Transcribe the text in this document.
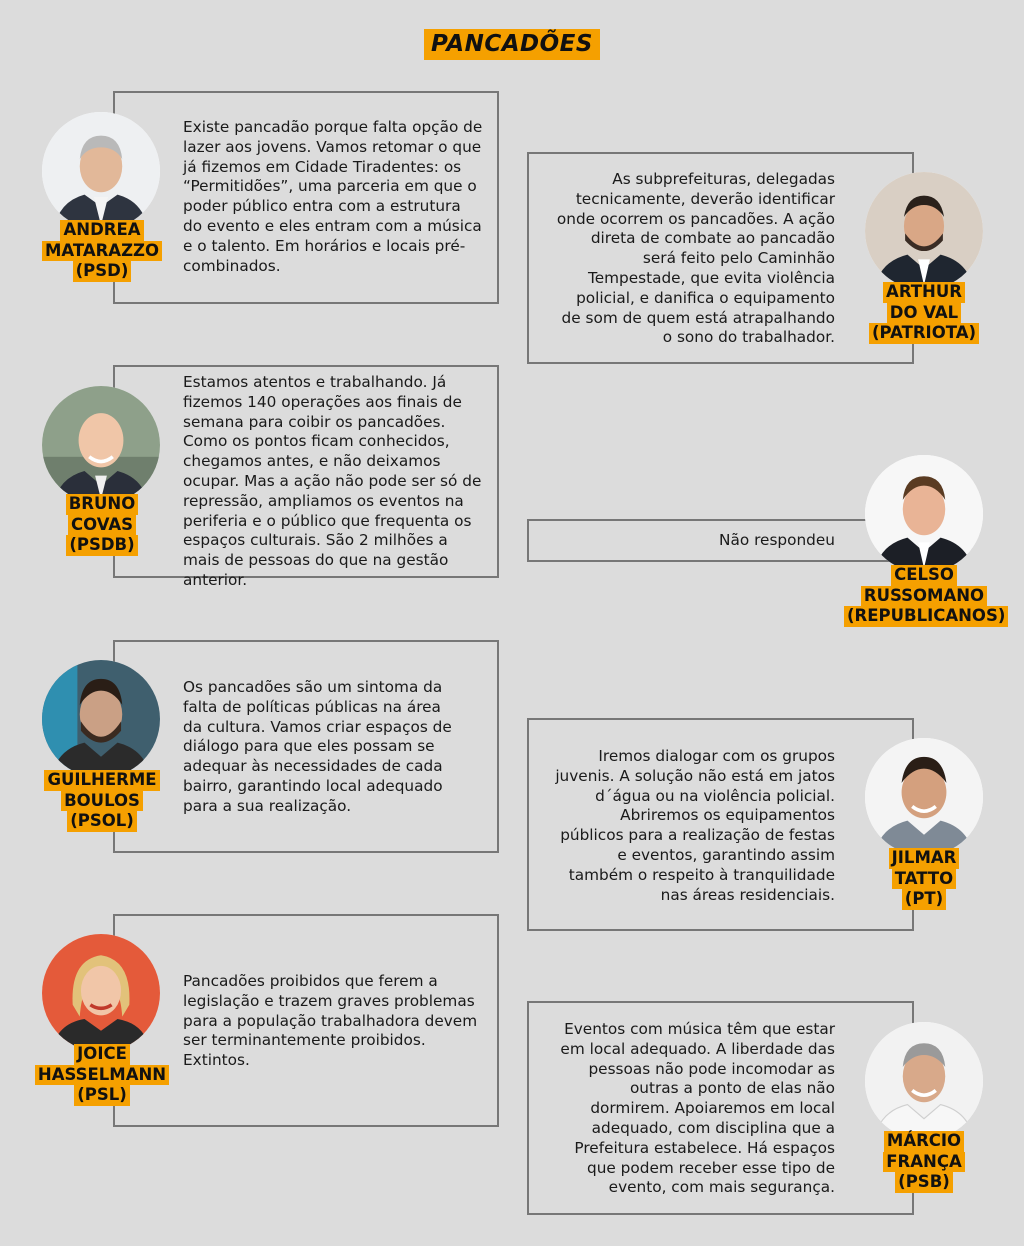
PANCADÕES

Existe pancadão porque falta opção de lazer aos jovens. Vamos retomar o que já fizemos em Cidade Tiradentes: os “Permitidões”, uma parceria em que o poder público entra com a estrutura do evento e eles entram com a música e o talento. Em horários e locais pré-combinados.

ANDREA
MATARAZZO
(PSD)

As subprefeituras, delegadas tecnicamente, deverão identificar onde ocorrem os pancadões. A ação direta de combate ao pancadão será feito pelo Caminhão Tempestade, que evita violência policial, e danifica o equipamento de som de quem está atrapalhando o sono do trabalhador.

ARTHUR
DO VAL
(PATRIOTA)

Estamos atentos e trabalhando. Já fizemos 140 operações aos finais de semana para coibir os pancadões. Como os pontos ficam conhecidos, chegamos antes, e não deixamos ocupar. Mas a ação não pode ser só de repressão, ampliamos os eventos na periferia e o público que frequenta os espaços culturais. São 2 milhões a mais de pessoas do que na gestão anterior.

BRUNO
COVAS
(PSDB)	Não respondeu

CELSO
RUSSOMANO
(REPUBLICANOS)

Os pancadões são um sintoma da falta de políticas públicas na área da cultura. Vamos criar espaços de diálogo para que eles possam se adequar às necessidades de cada bairro, garantindo local adequado para a sua realização.

GUILHERME
BOULOS
(PSOL)

Iremos dialogar com os grupos juvenis. A solução não está em jatos d´água ou na violência policial. Abriremos os equipamentos públicos para a realização de festas e eventos, garantindo assim também o respeito à tranquilidade nas áreas residenciais.

JILMAR
TATTO
(PT)

Pancadões proibidos que ferem a legislação e trazem graves problemas para a população trabalhadora devem ser terminantemente proibidos. Extintos.

JOICE
HASSELMANN
(PSL)

Eventos com música têm que estar em local adequado. A liberdade das pessoas não pode incomodar as outras a ponto de elas não dormirem. Apoiaremos em local adequado, com disciplina que a Prefeitura estabelece. Há espaços que podem receber esse tipo de evento, com mais segurança.

MÁRCIO
FRANÇA
(PSB)
